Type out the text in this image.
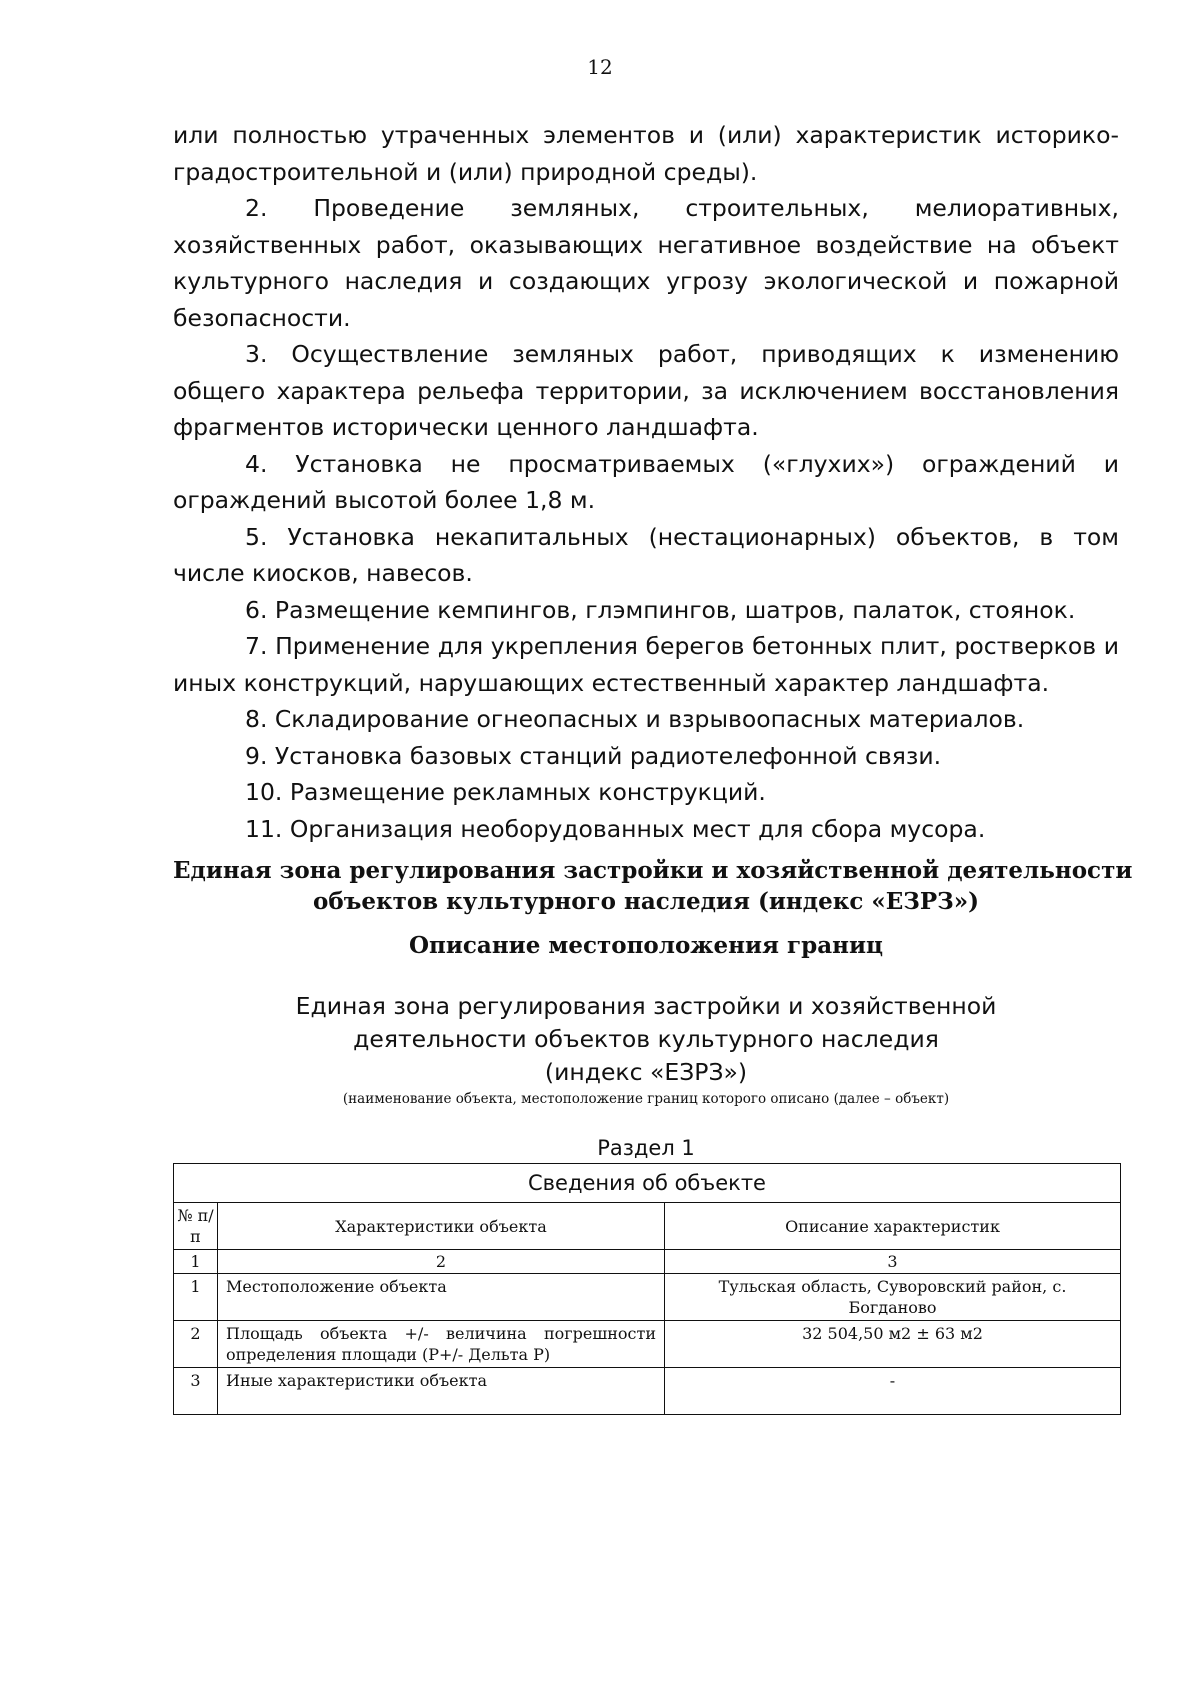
12

или полностью утраченных элементов и (или) характеристик историко-градостроительной и (или) природной среды).

2. Проведение земляных, строительных, мелиоративных, хозяйственных работ, оказывающих негативное воздействие на объект культурного наследия и создающих угрозу экологической и пожарной безопасности.

3. Осуществление земляных работ, приводящих к изменению общего характера рельефа территории, за исключением восстановления фрагментов исторически ценного ландшафта.

4. Установка не просматриваемых («глухих») ограждений и ограждений высотой более 1,8 м.

5. Установка некапитальных (нестационарных) объектов, в том числе киосков, навесов.

6. Размещение кемпингов, глэмпингов, шатров, палаток, стоянок.

7. Применение для укрепления берегов бетонных плит, ростверков и иных конструкций, нарушающих естественный характер ландшафта.

8. Складирование огнеопасных и взрывоопасных материалов.

9. Установка базовых станций радиотелефонной связи.

10. Размещение рекламных конструкций.

11. Организация необорудованных мест для сбора мусора.

Единая зона регулирования застройки и хозяйственной деятельности
объектов культурного наследия (индекс «ЕЗРЗ»)
Описание местоположения границ
Единая зона регулирования застройки и хозяйственной
деятельности объектов культурного наследия
(индекс «ЕЗРЗ»)
(наименование объекта, местоположение границ которого описано (далее – объект)
Раздел 1
Сведения об объекте		
№ п/п	Характеристики объекта	Описание характеристик
1	2	3
1	Местоположение объекта	Тульская область, Суворовский район, с. Богданово
2	Площадь объекта +/- величина погрешности определения площади (P+/- Дельта P)	32 504,50 м2 ± 63 м2
3	Иные характеристики объекта	-
